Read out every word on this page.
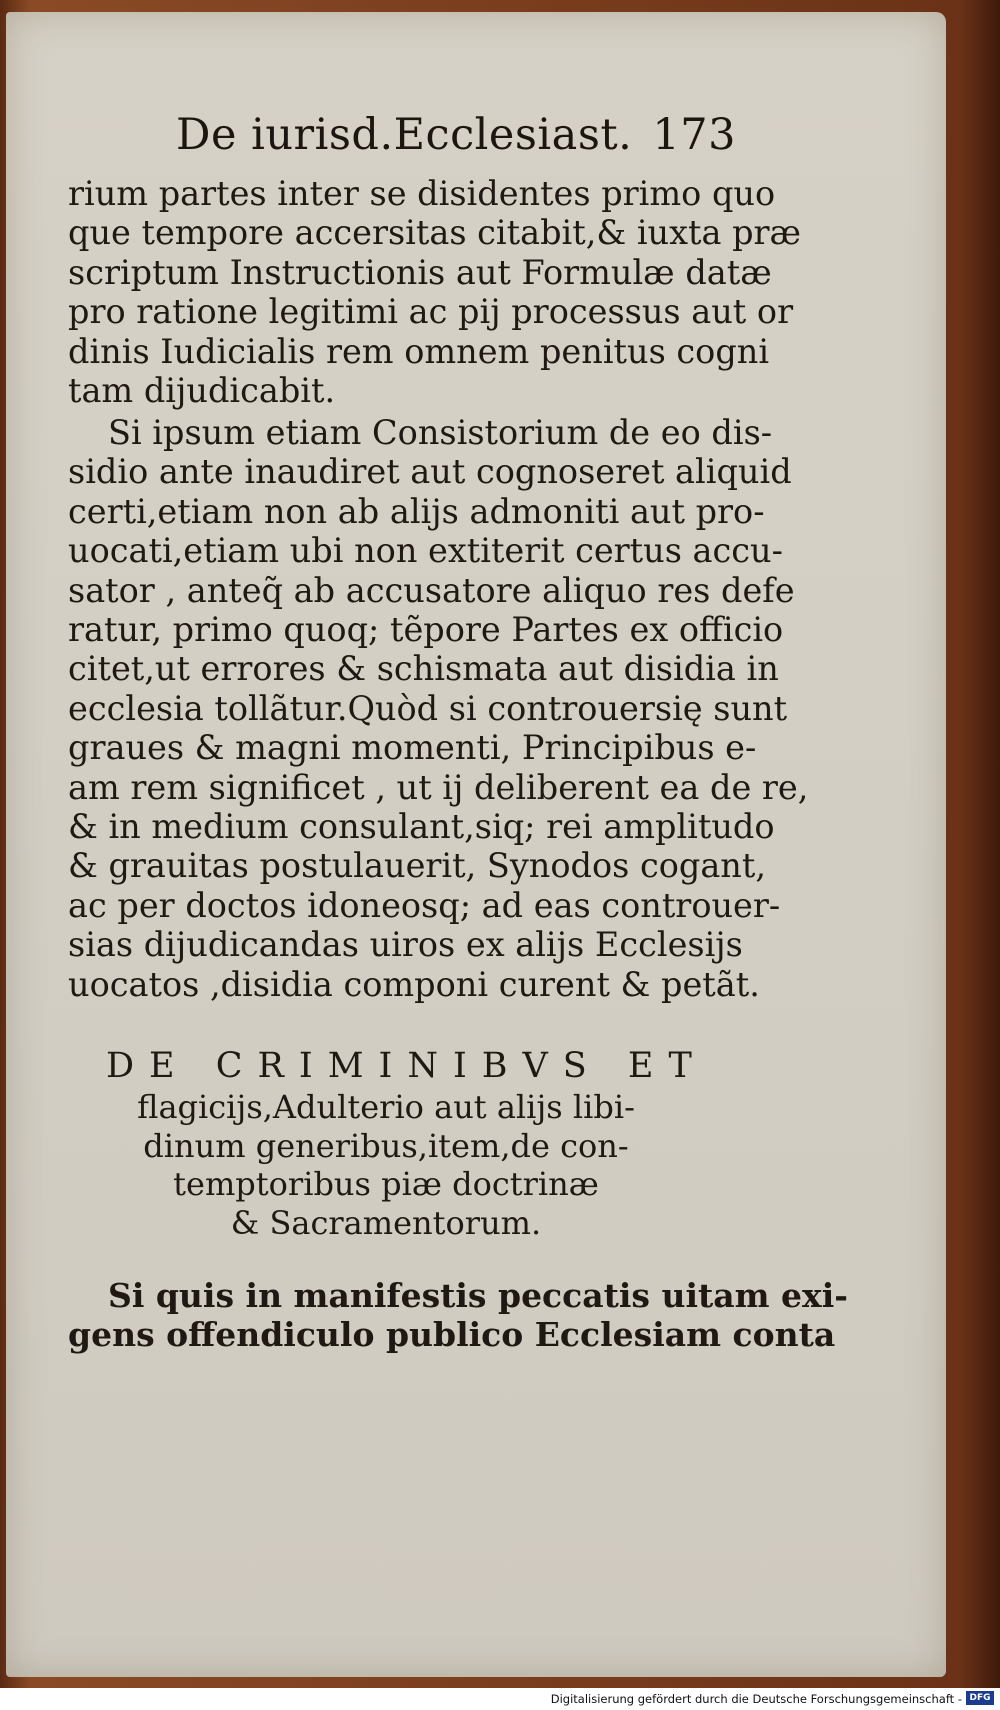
De iurisd.Ecclesiast. 173
rium partes inter se disidentes primo quo
que tempore accersitas citabit,& iuxta præ
scriptum Instructionis aut Formulæ datæ
pro ratione legitimi ac pij processus aut or
dinis Iudicialis rem omnem penitus cogni
tam dijudicabit.
Si ipsum etiam Consistorium de eo dis-
sidio ante inaudiret aut cognoseret aliquid
certi,etiam non ab alijs admoniti aut pro-
uocati,etiam ubi non extiterit certus accu-
sator , anteq̃ ab accusatore aliquo res defe
ratur, primo quoq; tẽpore Partes ex officio
citet,ut errores & schismata aut disidia in
ecclesia tollãtur.Quòd si controuersię sunt
graues & magni momenti, Principibus e-
am rem significet , ut ij deliberent ea de re,
& in medium consulant,siq; rei amplitudo
& grauitas postulauerit, Synodos cogant,
ac per doctos idoneosq; ad eas controuer-
sias dijudicandas uiros ex alijs Ecclesijs
uocatos ,disidia componi curent & petãt.
DE CRIMINIBVS ET
flagicijs,Adulterio aut alijs libi-
dinum generibus,item,de con-
temptoribus piæ doctrinæ
& Sacramentorum.
Si quis in manifestis peccatis uitam exi-
gens offendiculo publico Ecclesiam conta
Digitalisierung gefördert durch die Deutsche Forschungsgemeinschaft - DFG
